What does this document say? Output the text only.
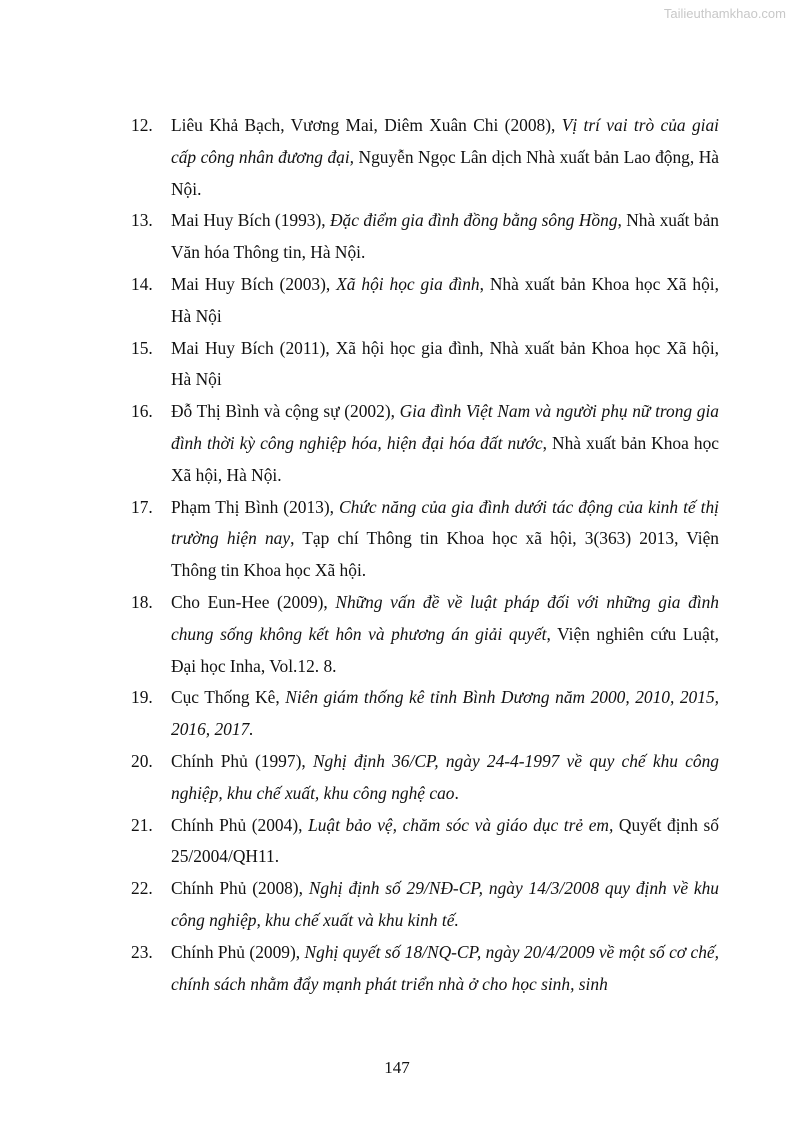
Tailieuthamkhao.com
12.	Liêu Khả Bạch, Vương Mai, Diêm Xuân Chi (2008), Vị trí vai trò của giai cấp công nhân đương đại, Nguyễn Ngọc Lân dịch Nhà xuất bản Lao động, Hà Nội.
13.	Mai Huy Bích (1993), Đặc điểm gia đình đồng bằng sông Hồng, Nhà xuất bản Văn hóa Thông tin, Hà Nội.
14.	Mai Huy Bích (2003), Xã hội học gia đình, Nhà xuất bản Khoa học Xã hội, Hà Nội
15.	Mai Huy Bích (2011), Xã hội học gia đình, Nhà xuất bản Khoa học Xã hội, Hà Nội
16.	Đỗ Thị Bình và cộng sự (2002), Gia đình Việt Nam và người phụ nữ trong gia đình thời kỳ công nghiệp hóa, hiện đại hóa đất nước, Nhà xuất bản Khoa học Xã hội, Hà Nội.
17.	Phạm Thị Bình (2013), Chức năng của gia đình dưới tác động của kinh tế thị trường hiện nay, Tạp chí Thông tin Khoa học xã hội, 3(363) 2013, Viện Thông tin Khoa học Xã hội.
18.	Cho Eun-Hee (2009), Những vấn đề về luật pháp đối với những gia đình chung sống không kết hôn và phương án giải quyết, Viện nghiên cứu Luật, Đại học Inha, Vol.12. 8.
19.	Cục Thống Kê, Niên giám thống kê tỉnh Bình Dương năm 2000, 2010, 2015, 2016, 2017.
20.	Chính Phủ (1997), Nghị định 36/CP, ngày 24-4-1997 về quy chế khu công nghiệp, khu chế xuất, khu công nghệ cao.
21.	Chính Phủ (2004), Luật bảo vệ, chăm sóc và giáo dục trẻ em, Quyết định số 25/2004/QH11.
22.	Chính Phủ (2008), Nghị định số 29/NĐ-CP, ngày 14/3/2008 quy định về khu công nghiệp, khu chế xuất và khu kinh tế.
23.	Chính Phủ (2009), Nghị quyết số 18/NQ-CP, ngày 20/4/2009 về một số cơ chế, chính sách nhằm đẩy mạnh phát triển nhà ở cho học sinh, sinh
147
